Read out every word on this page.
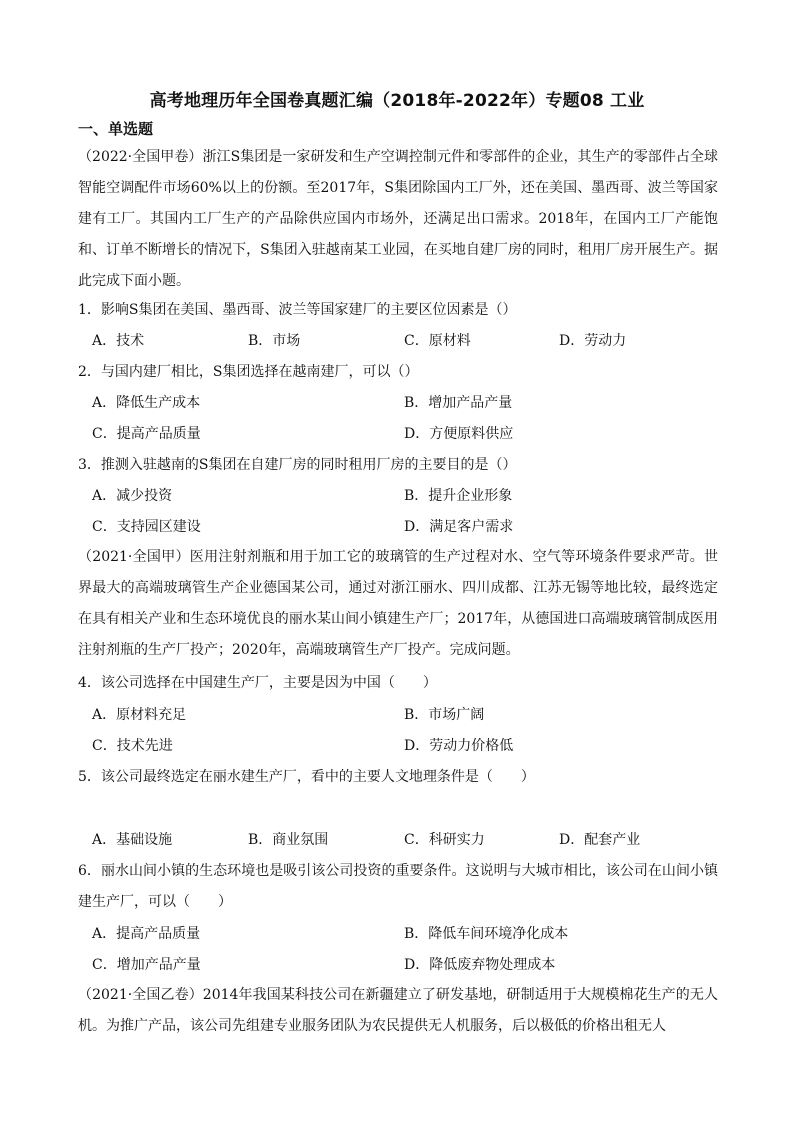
高考地理历年全国卷真题汇编（2018年-2022年）专题08 工业
一、单选题
（2022·全国甲卷）浙江S集团是一家研发和生产空调控制元件和零部件的企业，其生产的零部件占全球智能空调配件市场60%以上的份额。至2017年，S集团除国内工厂外，还在美国、墨西哥、波兰等国家建有工厂。其国内工厂生产的产品除供应国内市场外，还满足出口需求。2018年，在国内工厂产能饱和、订单不断增长的情况下，S集团入驻越南某工业园，在买地自建厂房的同时，租用厂房开展生产。据此完成下面小题。
1．影响S集团在美国、墨西哥、波兰等国家建厂的主要区位因素是（）
A．技术	B．市场	C．原材料	D．劳动力
2．与国内建厂相比，S集团选择在越南建厂，可以（）
A．降低生产成本	B．增加产品产量
C．提高产品质量	D．方便原料供应
3．推测入驻越南的S集团在自建厂房的同时租用厂房的主要目的是（）
A．减少投资	B．提升企业形象
C．支持园区建设	D．满足客户需求
（2021·全国甲）医用注射剂瓶和用于加工它的玻璃管的生产过程对水、空气等环境条件要求严苛。世界最大的高端玻璃管生产企业德国某公司，通过对浙江丽水、四川成都、江苏无锡等地比较，最终选定在具有相关产业和生态环境优良的丽水某山间小镇建生产厂；2017年，从德国进口高端玻璃管制成医用注射剂瓶的生产厂投产；2020年，高端玻璃管生产厂投产。完成问题。
4．该公司选择在中国建生产厂，主要是因为中国（　　）
A．原材料充足	B．市场广阔
C．技术先进	D．劳动力价格低
5．该公司最终选定在丽水建生产厂，看中的主要人文地理条件是（　　）
A．基础设施	B．商业氛围	C．科研实力	D．配套产业
6．丽水山间小镇的生态环境也是吸引该公司投资的重要条件。这说明与大城市相比，该公司在山间小镇建生产厂，可以（　　）
A．提高产品质量	B．降低车间环境净化成本
C．增加产品产量	D．降低废弃物处理成本
（2021·全国乙卷）2014年我国某科技公司在新疆建立了研发基地，研制适用于大规模棉花生产的无人机。为推广产品，该公司先组建专业服务团队为农民提供无人机服务，后以极低的价格出租无人
